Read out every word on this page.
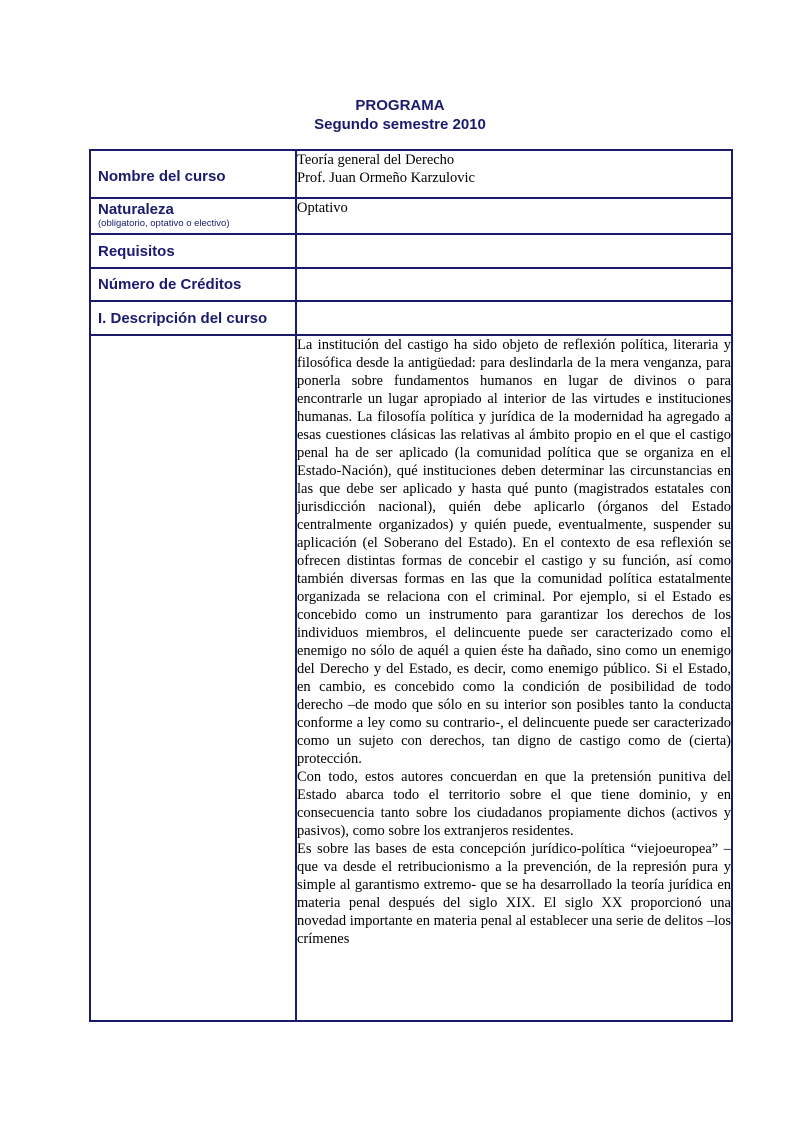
PROGRAMA
Segundo semestre 2010
Nombre del curso	Teoría general del Derecho
Prof. Juan Ormeño Karzulovic

Naturaleza
(obligatorio, optativo o electivo)	Optativo

Requisitos	

Número de Créditos	

I. Descripción del curso	

	La institución del castigo ha sido objeto de reflexión política, literaria y filosófica desde la antigüedad: para deslindarla de la mera venganza, para ponerla sobre fundamentos humanos en lugar de divinos o para encontrarle un lugar apropiado al interior de las virtudes e instituciones humanas. La filosofía política y jurídica de la modernidad ha agregado a esas cuestiones clásicas las relativas al ámbito propio en el que el castigo penal ha de ser aplicado (la comunidad política que se organiza en el Estado-Nación), qué instituciones deben determinar las circunstancias en las que debe ser aplicado y hasta qué punto (magistrados estatales con jurisdicción nacional), quién debe aplicarlo (órganos del Estado centralmente organizados) y quién puede, eventualmente, suspender su aplicación (el Soberano del Estado). En el contexto de esa reflexión se ofrecen distintas formas de concebir el castigo y su función, así como también diversas formas en las que la comunidad política estatalmente organizada se relaciona con el criminal. Por ejemplo, si el Estado es concebido como un instrumento para garantizar los derechos de los individuos miembros, el delincuente puede ser caracterizado como el enemigo no sólo de aquél a quien éste ha dañado, sino como un enemigo del Derecho y del Estado, es decir, como enemigo público. Si el Estado, en cambio, es concebido como la condición de posibilidad de todo derecho –de modo que sólo en su interior son posibles tanto la conducta conforme a ley como su contrario-, el delincuente puede ser caracterizado como un sujeto con derechos, tan digno de castigo como de (cierta) protección.

Con todo, estos autores concuerdan en que la pretensión punitiva del Estado abarca todo el territorio sobre el que tiene dominio, y en consecuencia tanto sobre los ciudadanos propiamente dichos (activos y pasivos), como sobre los extranjeros residentes.

Es sobre las bases de esta concepción jurídico-política “viejoeuropea” –que va desde el retribucionismo a la prevención, de la represión pura y simple al garantismo extremo- que se ha desarrollado la teoría jurídica en materia penal después del siglo XIX. El siglo XX proporcionó una novedad importante en materia penal al establecer una serie de delitos –los crímenes
